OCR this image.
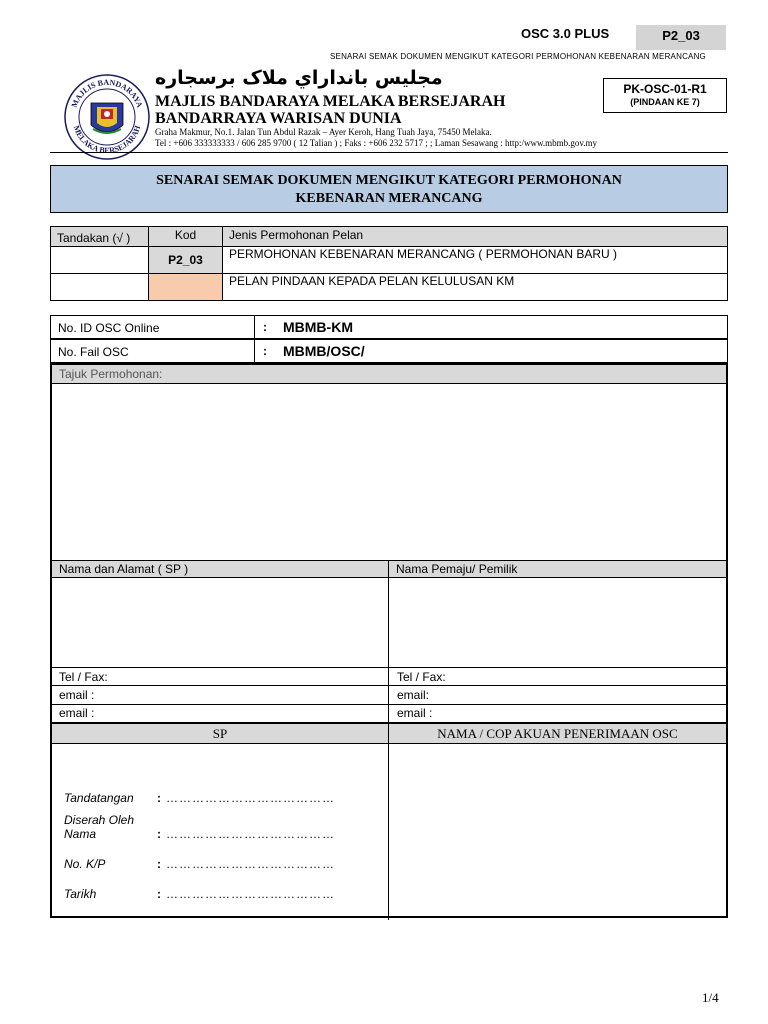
OSC 3.0 PLUS	P2_03
SENARAI SEMAK DOKUMEN MENGIKUT KATEGORI PERMOHONAN KEBENARAN MERANCANG
PK-OSC-01-R1
(PINDAAN KE 7)
MAJLIS BANDARAYA
MELAKA BERSEJARAH
مجليس بانداراي ملاک برسجاره
MAJLIS BANDARAYA MELAKA BERSEJARAH
BANDARRAYA WARISAN DUNIA
Graha Makmur, No.1. Jalan Tun Abdul Razak – Ayer Keroh, Hang Tuah Jaya, 75450 Melaka.
Tel : +606 333333333 / 606 285 9700 ( 12 Talian ) ; Faks : +606 232 5717 ; ; Laman Sesawang : http:/www.mbmb.gov.my
SENARAI SEMAK DOKUMEN MENGIKUT KATEGORI PERMOHONAN
KEBENARAN MERANCANG
Tandakan (√ )	Kod	Jenis Permohonan Pelan
	P2_03	PERMOHONAN KEBENARAN MERANCANG ( PERMOHONAN BARU )
		PELAN PINDAAN KEPADA PELAN KELULUSAN KM
No. ID OSC Online	: MBMB-KM
No. Fail OSC	: MBMB/OSC/
Tajuk Permohonan:
Nama dan Alamat ( SP )	Nama Pemaju/ Pemilik
Tel / Fax:	Tel / Fax:
email :	email:
email :	email :
SP	NAMA / COP AKUAN PENERIMAAN OSC
Tandatangan : …………………………………
Diserah Oleh
Nama	: …………………………………
No. K/P	: …………………………………
Tarikh	: …………………………………
1/4
